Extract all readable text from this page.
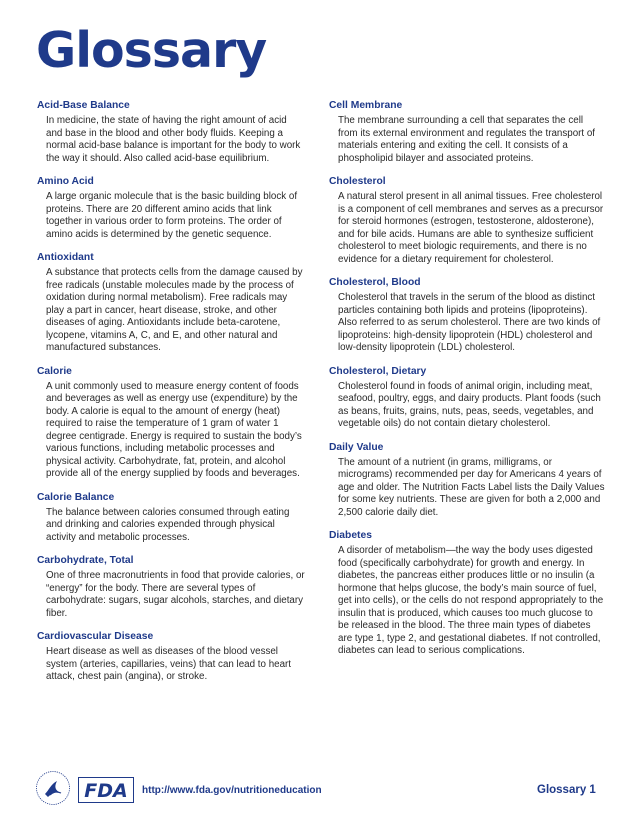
Glossary

Acid-Base Balance

In medicine, the state of having the right amount of acid and base in the blood and other body fluids. Keeping a normal acid-base balance is important for the body to work the way it should. Also called acid-base equilibrium.

Amino Acid

A large organic molecule that is the basic building block of proteins. There are 20 different amino acids that link together in various order to form proteins. The order of amino acids is determined by the genetic sequence.

Antioxidant

A substance that protects cells from the damage caused by free radicals (unstable molecules made by the process of oxidation during normal metabolism). Free radicals may play a part in cancer, heart disease, stroke, and other diseases of aging. Antioxidants include beta-carotene, lycopene, vitamins A, C, and E, and other natural and manufactured substances.

Calorie

A unit commonly used to measure energy content of foods and beverages as well as energy use (expenditure) by the body. A calorie is equal to the amount of energy (heat) required to raise the temperature of 1 gram of water 1 degree centigrade. Energy is required to sustain the body’s various functions, including metabolic processes and physical activity. Carbohydrate, fat, protein, and alcohol provide all of the energy supplied by foods and beverages.

Calorie Balance

The balance between calories consumed through eating and drinking and calories expended through physical activity and metabolic processes.

Carbohydrate, Total

One of three macronutrients in food that provide calories, or “energy” for the body. There are several types of carbohydrate: sugars, sugar alcohols, starches, and dietary fiber.

Cardiovascular Disease

Heart disease as well as diseases of the blood vessel system (arteries, capillaries, veins) that can lead to heart attack, chest pain (angina), or stroke.

Cell Membrane

The membrane surrounding a cell that separates the cell from its external environment and regulates the transport of materials entering and exiting the cell. It consists of a phospholipid bilayer and associated proteins.

Cholesterol

A natural sterol present in all animal tissues. Free cholesterol is a component of cell membranes and serves as a precursor for steroid hormones (estrogen, testosterone, aldosterone), and for bile acids. Humans are able to synthesize sufficient cholesterol to meet biologic requirements, and there is no evidence for a dietary requirement for cholesterol.

Cholesterol, Blood

Cholesterol that travels in the serum of the blood as distinct particles containing both lipids and proteins (lipoproteins). Also referred to as serum cholesterol. There are two kinds of lipoproteins: high-density lipoprotein (HDL) cholesterol and low-density lipoprotein (LDL) cholesterol.

Cholesterol, Dietary

Cholesterol found in foods of animal origin, including meat, seafood, poultry, eggs, and dairy products. Plant foods (such as beans, fruits, grains, nuts, peas, seeds, vegetables, and vegetable oils) do not contain dietary cholesterol.

Daily Value

The amount of a nutrient (in grams, milligrams, or micrograms) recommended per day for Americans 4 years of age and older. The Nutrition Facts Label lists the Daily Values for some key nutrients. These are given for both a 2,000 and 2,500 calorie daily diet.

Diabetes

A disorder of metabolism—the way the body uses digested food (specifically carbohydrate) for growth and energy. In diabetes, the pancreas either produces little or no insulin (a hormone that helps glucose, the body’s main source of fuel, get into cells), or the cells do not respond appropriately to the insulin that is produced, which causes too much glucose to be released in the blood. The three main types of diabetes are type 1, type 2, and gestational diabetes. If not controlled, diabetes can lead to serious complications.

FDA http://www.fda.gov/nutritioneducation	Glossary 1
